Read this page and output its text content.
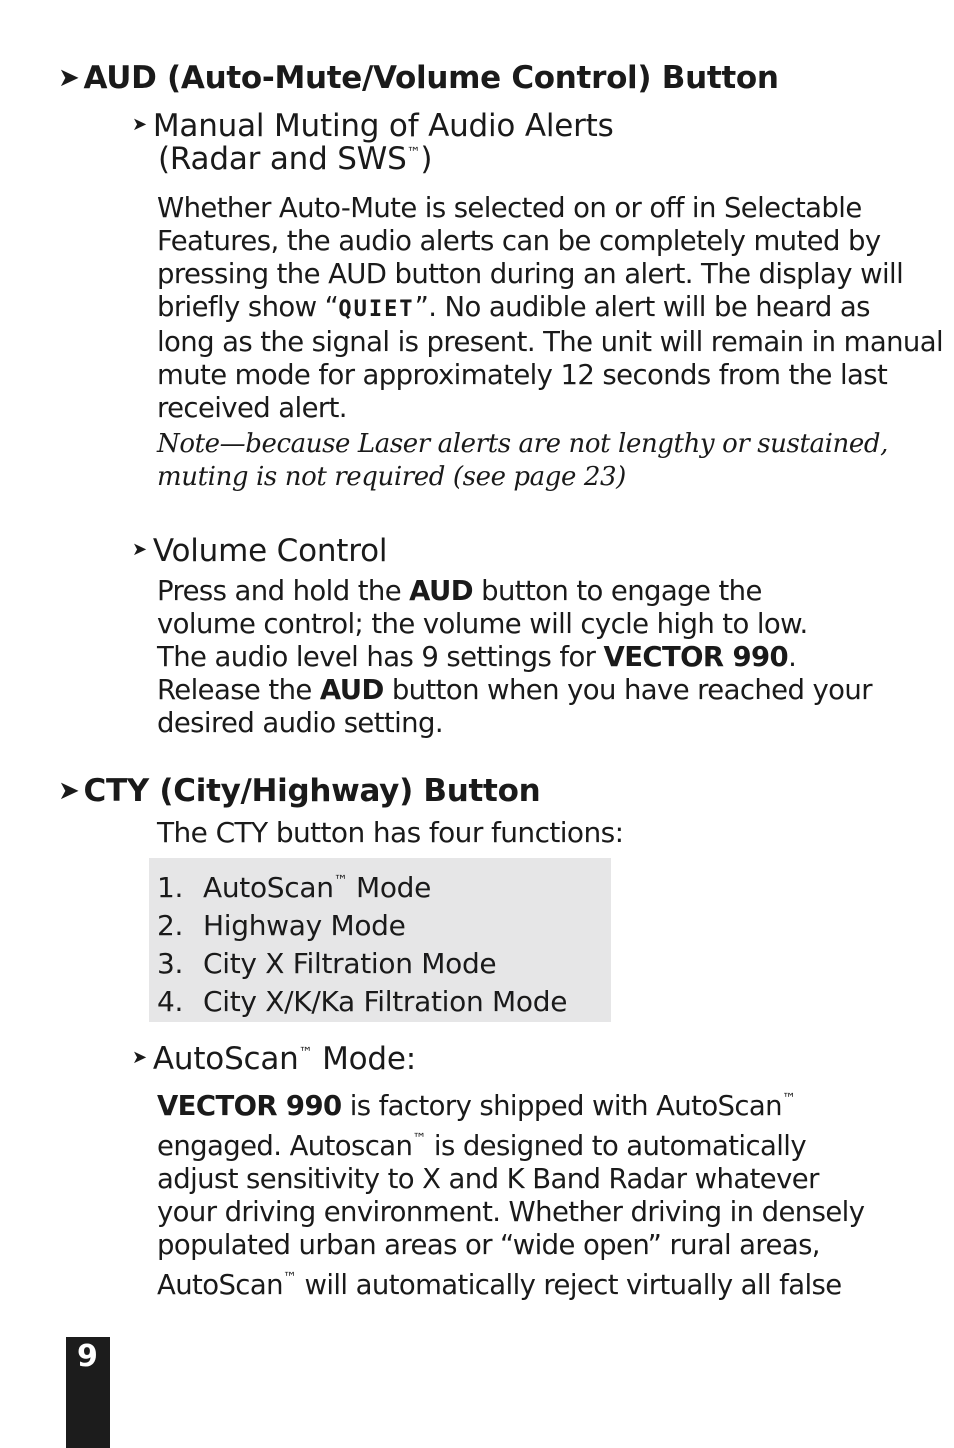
➤ AUD (Auto-Mute/Volume Control) Button
➤ Manual Muting of Audio Alerts
(Radar and SWS™)

Whether Auto-Mute is selected on or off in Selectable

Features, the audio alerts can be completely muted by

pressing the AUD button during an alert. The display will

briefly show “QUIET”. No audible alert will be heard as

long as the signal is present. The unit will remain in manual

mute mode for approximately 12 seconds from the last

received alert.

Note—because Laser alerts are not lengthy or sustained,

muting is not required (see page 23)

➤ Volume Control

Press and hold the AUD button to engage the

volume control; the volume will cycle high to low.

The audio level has 9 settings for VECTOR 990.

Release the AUD button when you have reached your

desired audio setting.

➤ CTY (City/Highway) Button

The CTY button has four functions:

1. AutoScan™ Mode
2. Highway Mode
3. City X Filtration Mode
4. City X/K/Ka Filtration Mode
➤ AutoScan™ Mode:

VECTOR 990 is factory shipped with AutoScan™

engaged. Autoscan™ is designed to automatically

adjust sensitivity to X and K Band Radar whatever

your driving environment. Whether driving in densely

populated urban areas or “wide open” rural areas,

AutoScan™ will automatically reject virtually all false

9
